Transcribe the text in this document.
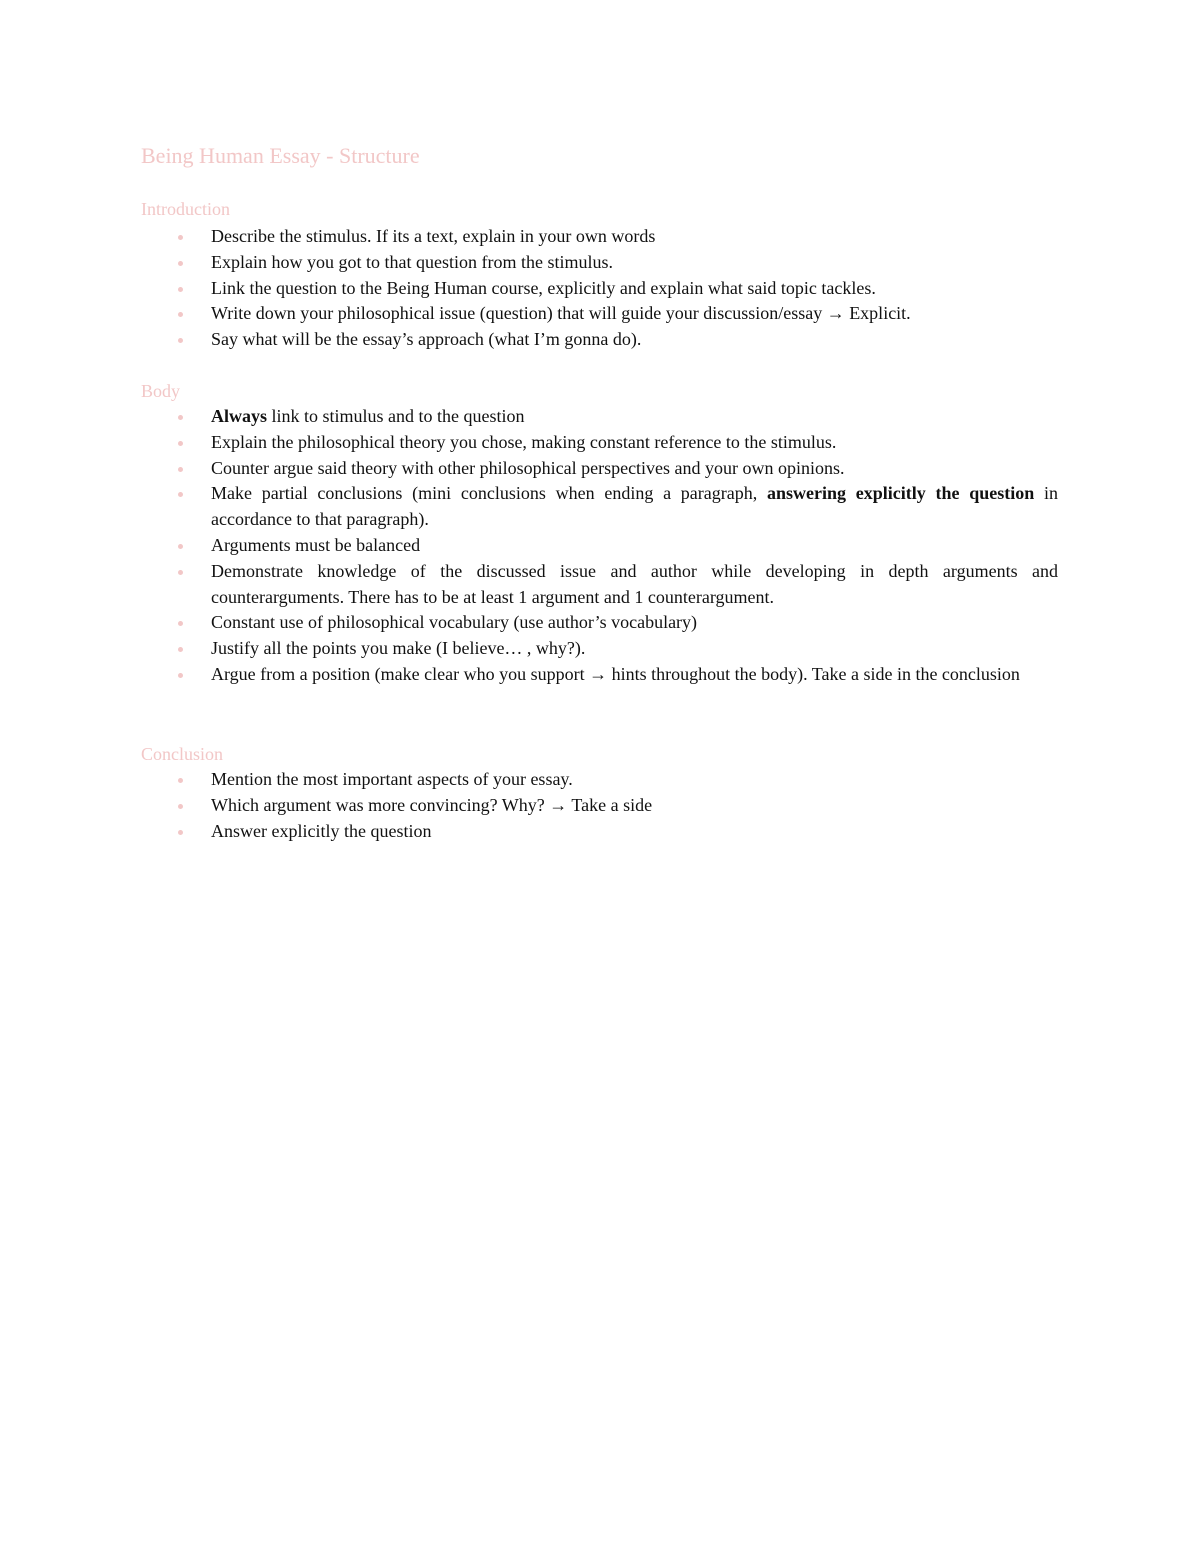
Being Human Essay - Structure
Introduction
Describe the stimulus. If its a text, explain in your own words
Explain how you got to that question from the stimulus.
Link the question to the Being Human course, explicitly and explain what said topic tackles.
Write down your philosophical issue (question) that will guide your discussion/essay → Explicit.
Say what will be the essay’s approach (what I’m gonna do).
Body
Always link to stimulus and to the question
Explain the philosophical theory you chose, making constant reference to the stimulus.
Counter argue said theory with other philosophical perspectives and your own opinions.
Make partial conclusions (mini conclusions when ending a paragraph, answering explicitly the question in accordance to that paragraph).
Arguments must be balanced
Demonstrate knowledge of the discussed issue and author while developing in depth arguments and counterarguments. There has to be at least 1 argument and 1 counterargument.
Constant use of philosophical vocabulary (use author’s vocabulary)
Justify all the points you make (I believe… , why?).
Argue from a position (make clear who you support → hints throughout the body). Take a side in the conclusion
Conclusion
Mention the most important aspects of your essay.
Which argument was more convincing? Why? → Take a side
Answer explicitly the question
